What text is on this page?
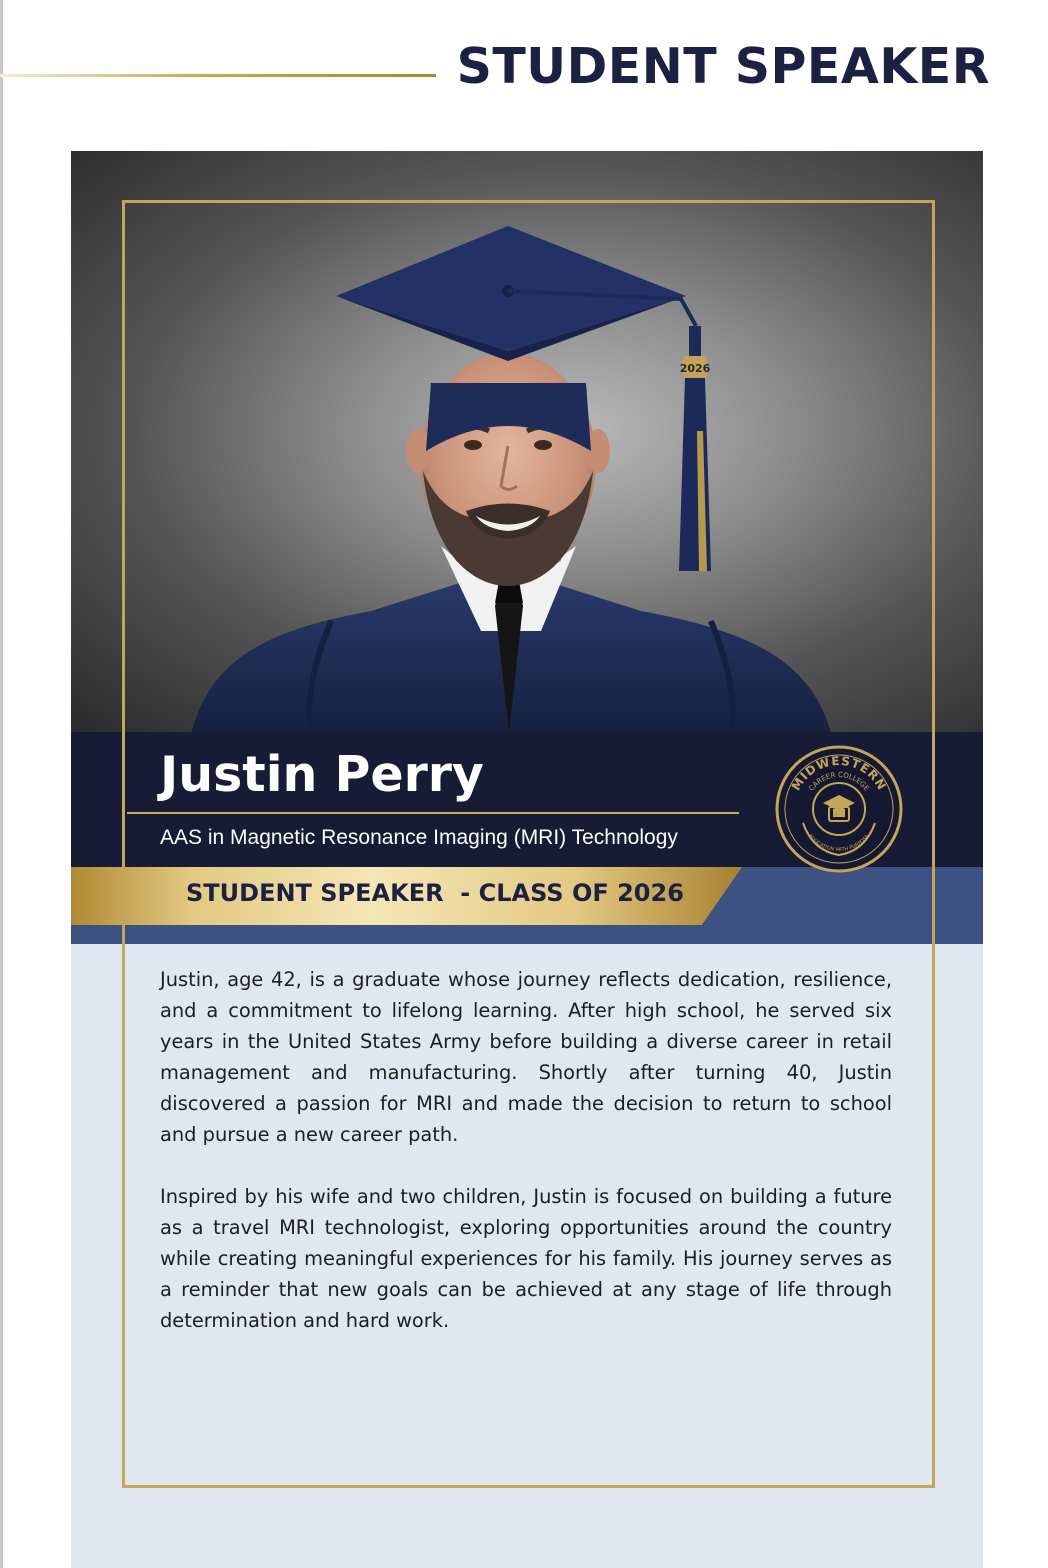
STUDENT SPEAKER
2026
Justin Perry
AAS in Magnetic Resonance Imaging (MRI) Technology
STUDENT SPEAKER  - CLASS OF 2026
MIDWESTERN
CAREER COLLEGE
EDUCATION WITH PURPOSE

Justin, age 42, is a graduate whose journey reflects dedication, resilience, and a commitment to lifelong learning. After high school, he served six years in the United States Army before building a diverse career in retail management and manufacturing. Shortly after turning 40, Justin discovered a passion for MRI and made the decision to return to school and pursue a new career path.

Inspired by his wife and two children, Justin is focused on building a future as a travel MRI technologist, exploring opportunities around the country while creating meaningful experiences for his family. His journey serves as a reminder that new goals can be achieved at any stage of life through determination and hard work.
